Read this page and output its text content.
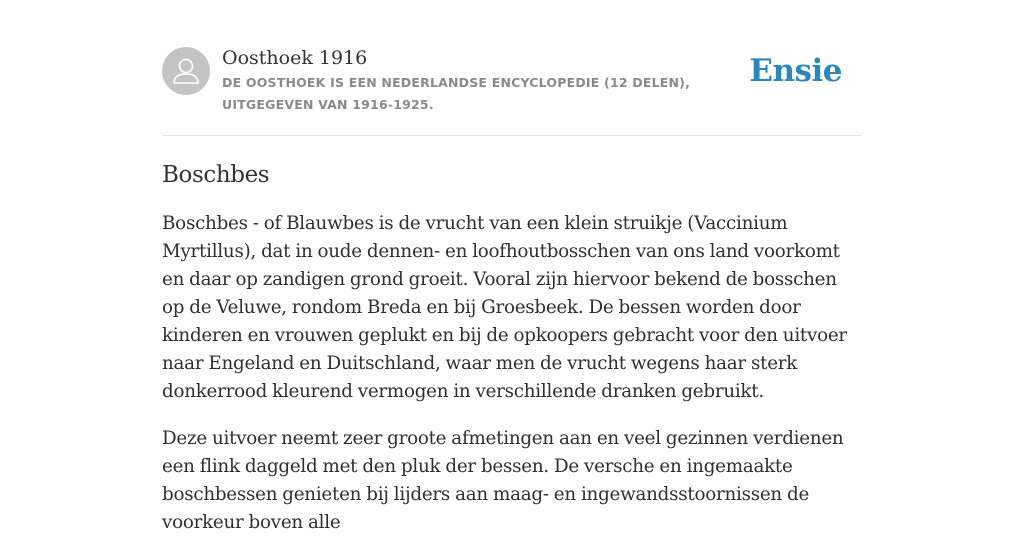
Oosthoek 1916

DE OOSTHOEK IS EEN NEDERLANDSE ENCYCLOPEDIE (12 DELEN), UITGEGEVEN VAN 1916-1925.

Ensie
Boschbes

Boschbes - of Blauwbes is de vrucht van een klein struikje (Vaccinium Myrtillus), dat in oude dennen- en loofhoutbosschen van ons land voorkomt en daar op zandigen grond groeit. Vooral zijn hiervoor bekend de bosschen op de Veluwe, rondom Breda en bij Groesbeek. De bessen worden door kinderen en vrouwen geplukt en bij de opkoopers gebracht voor den uitvoer naar Engeland en Duitschland, waar men de vrucht wegens haar sterk donkerrood kleurend vermogen in verschillende dranken gebruikt.

Deze uitvoer neemt zeer groote afmetingen aan en veel gezinnen verdienen een flink daggeld met den pluk der bessen. De versche en ingemaakte boschbessen genieten bij lijders aan maag- en ingewandsstoornissen de voorkeur boven alle
